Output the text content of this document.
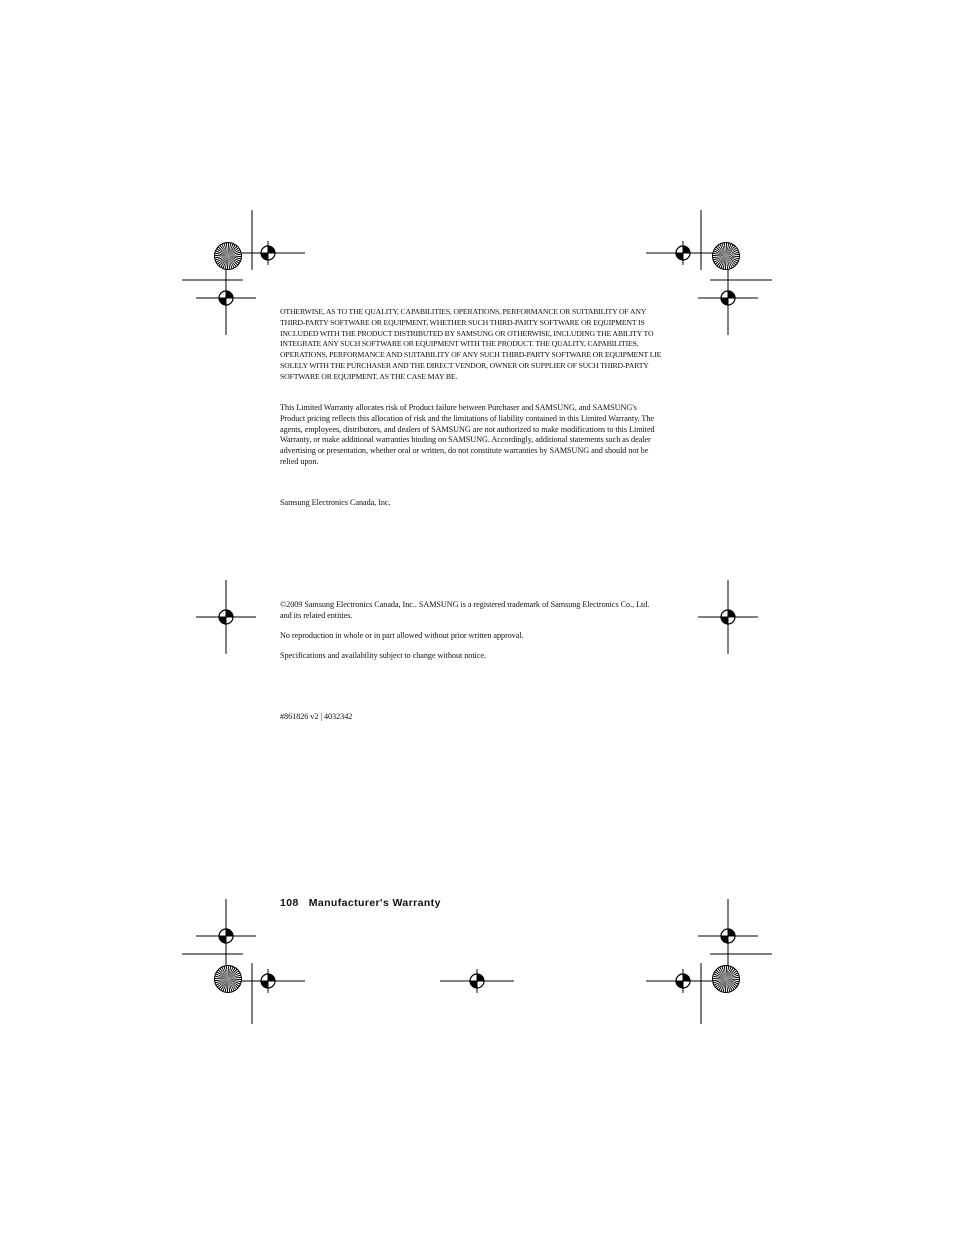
OTHERWISE, AS TO THE QUALITY, CAPABILITIES, OPERATIONS, PERFORMANCE OR SUITABILITY OF ANY THIRD-PARTY SOFTWARE OR EQUIPMENT, WHETHER SUCH THIRD-PARTY SOFTWARE OR EQUIPMENT IS INCLUDED WITH THE PRODUCT DISTRIBUTED BY SAMSUNG OR OTHERWISE, INCLUDING THE ABILITY TO INTEGRATE ANY SUCH SOFTWARE OR EQUIPMENT WITH THE PRODUCT. THE QUALITY, CAPABILITIES, OPERATIONS, PERFORMANCE AND SUITABILITY OF ANY SUCH THIRD-PARTY SOFTWARE OR EQUIPMENT LIE SOLELY WITH THE PURCHASER AND THE DIRECT VENDOR, OWNER OR SUPPLIER OF SUCH THIRD-PARTY SOFTWARE OR EQUIPMENT, AS THE CASE MAY BE.

This Limited Warranty allocates risk of Product failure between Purchaser and SAMSUNG, and SAMSUNG's Product pricing reflects this allocation of risk and the limitations of liability contained in this Limited Warranty. The agents, employees, distributors, and dealers of SAMSUNG are not authorized to make modifications to this Limited Warranty, or make additional warranties binding on SAMSUNG. Accordingly, additional statements such as dealer advertising or presentation, whether oral or written, do not constitute warranties by SAMSUNG and should not be relied upon.

Samsung Electronics Canada, Inc.

©2009 Samsung Electronics Canada, Inc.. SAMSUNG is a registered trademark of Samsung Electronics Co., Ltd. and its related entities.

No reproduction in whole or in part allowed without prior written approval.

Specifications and availability subject to change without notice.

#861826 v2 | 4032342

108 Manufacturer's Warranty
